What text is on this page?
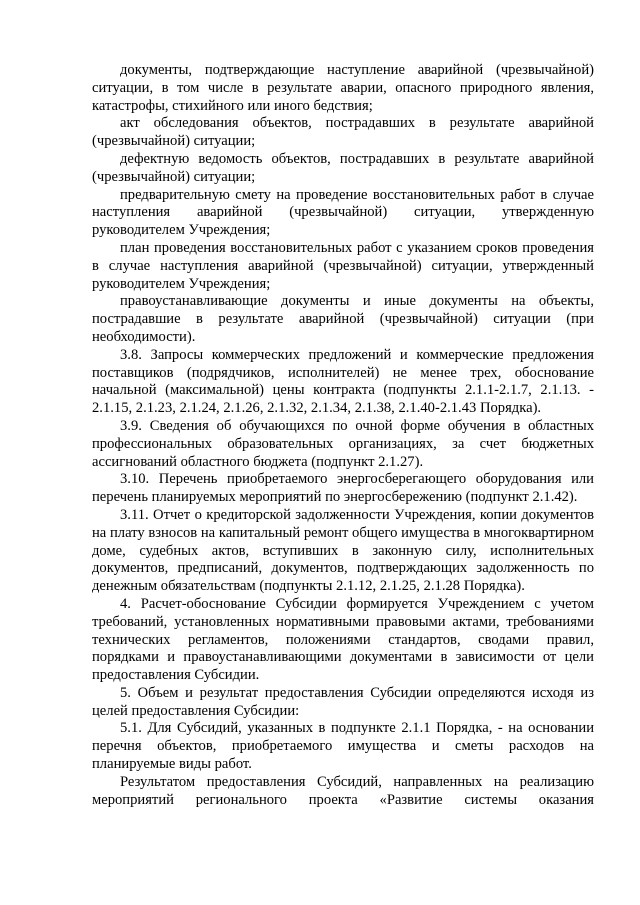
документы, подтверждающие наступление аварийной (чрезвычайной) ситуации, в том числе в результате аварии, опасного природного явления, катастрофы, стихийного или иного бедствия;

акт обследования объектов, пострадавших в результате аварийной (чрезвычайной) ситуации;

дефектную ведомость объектов, пострадавших в результате аварийной (чрезвычайной) ситуации;

предварительную смету на проведение восстановительных работ в случае наступления аварийной (чрезвычайной) ситуации, утвержденную руководителем Учреждения;

план проведения восстановительных работ с указанием сроков проведения в случае наступления аварийной (чрезвычайной) ситуации, утвержденный руководителем Учреждения;

правоустанавливающие документы и иные документы на объекты, пострадавшие в результате аварийной (чрезвычайной) ситуации (при необходимости).

3.8. Запросы коммерческих предложений и коммерческие предложения поставщиков (подрядчиков, исполнителей) не менее трех, обоснование начальной (максимальной) цены контракта (подпункты 2.1.1-2.1.7, 2.1.13. - 2.1.15, 2.1.23, 2.1.24, 2.1.26, 2.1.32, 2.1.34, 2.1.38, 2.1.40-2.1.43 Порядка).

3.9. Сведения об обучающихся по очной форме обучения в областных профессиональных образовательных организациях, за счет бюджетных ассигнований областного бюджета (подпункт 2.1.27).

3.10. Перечень приобретаемого энергосберегающего оборудования или перечень планируемых мероприятий по энергосбережению (подпункт 2.1.42).

3.11. Отчет о кредиторской задолженности Учреждения, копии документов на плату взносов на капитальный ремонт общего имущества в многоквартирном доме, судебных актов, вступивших в законную силу, исполнительных документов, предписаний, документов, подтверждающих задолженность по денежным обязательствам (подпункты 2.1.12, 2.1.25, 2.1.28 Порядка).

4. Расчет-обоснование Субсидии формируется Учреждением с учетом требований, установленных нормативными правовыми актами, требованиями технических регламентов, положениями стандартов, сводами правил, порядками и правоустанавливающими документами в зависимости от цели предоставления Субсидии.

5. Объем и результат предоставления Субсидии определяются исходя из целей предоставления Субсидии:

5.1. Для Субсидий, указанных в подпункте 2.1.1 Порядка, - на основании перечня объектов, приобретаемого имущества и сметы расходов на планируемые виды работ.

Результатом предоставления Субсидий, направленных на реализацию мероприятий регионального проекта «Развитие системы оказания
